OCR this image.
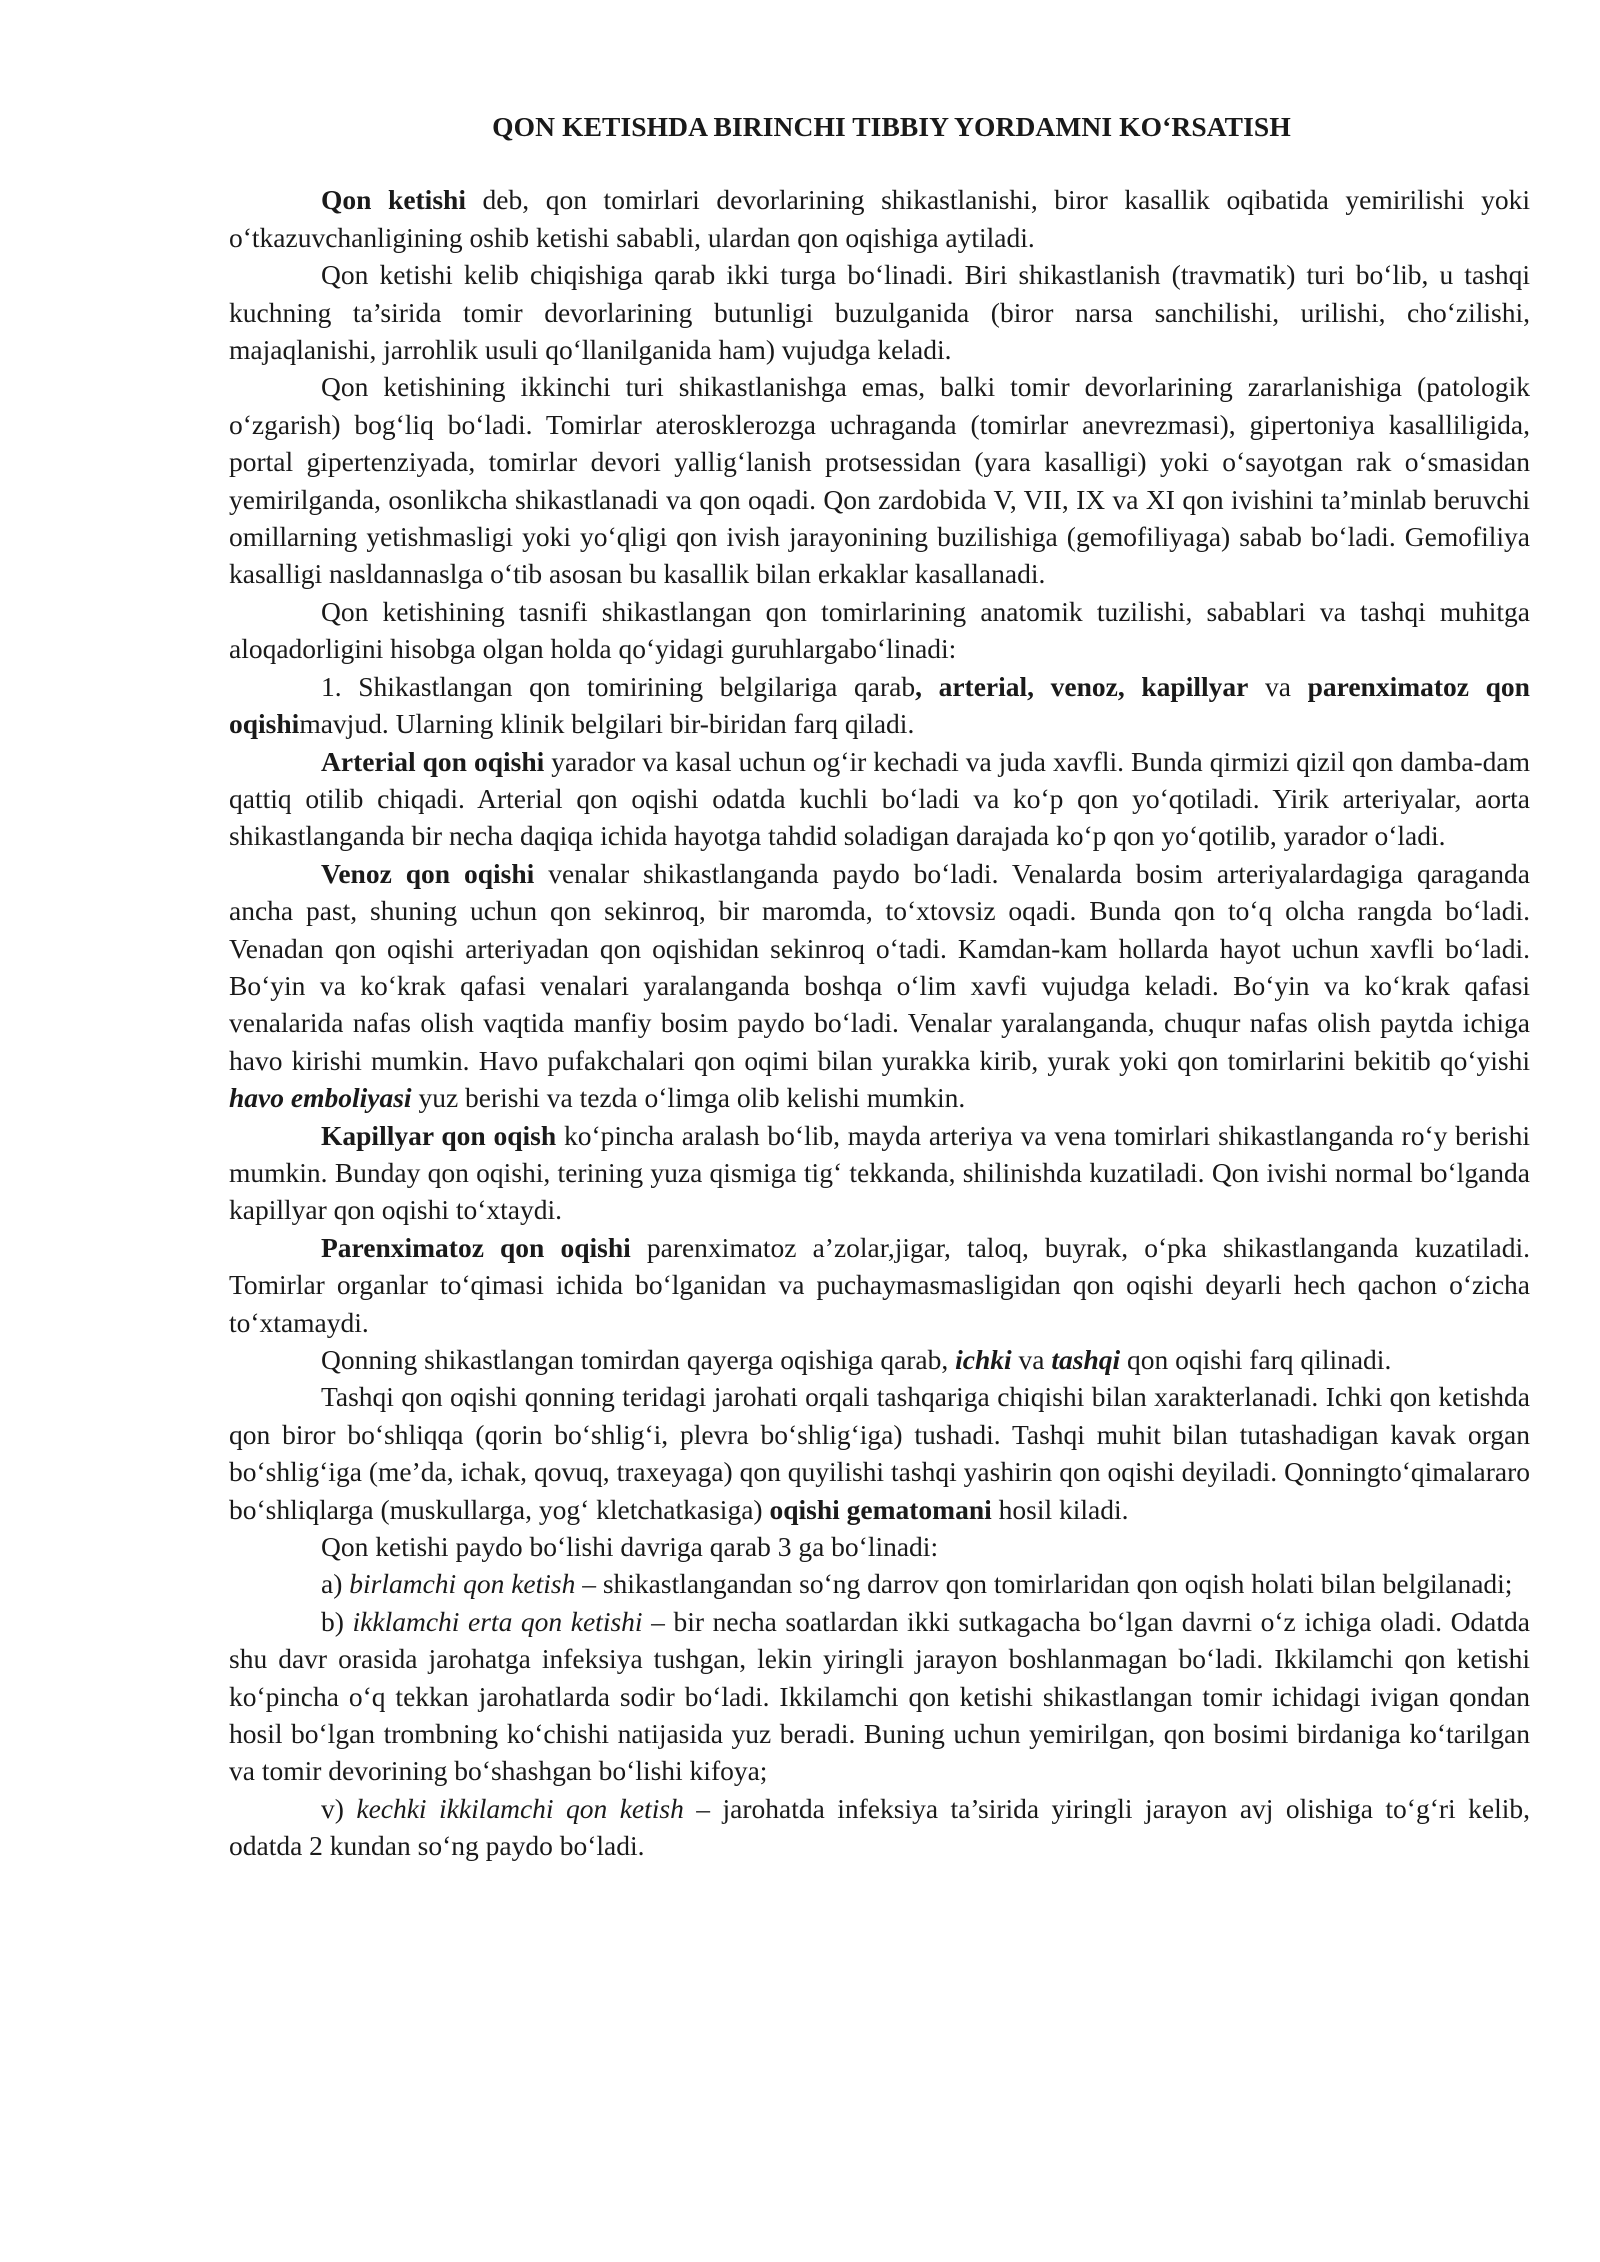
QON KETISHDA BIRINCHI TIBBIY YORDAMNI KO‘RSATISH

Qon ketishi deb, qon tomirlari devorlarining shikastlanishi, biror kasallik oqibatida yemirilishi yoki o‘tkazuvchanligining oshib ketishi sababli, ulardan qon oqishiga aytiladi.

Qon ketishi kelib chiqishiga qarab ikki turga bo‘linadi. Biri shikastlanish (travmatik) turi bo‘lib, u tashqi kuchning ta’sirida tomir devorlarining butunligi buzulganida (biror narsa sanchilishi, urilishi, cho‘zilishi, majaqlanishi, jarrohlik usuli qo‘llanilganida ham) vujudga keladi.

Qon ketishining ikkinchi turi shikastlanishga emas, balki tomir devorlarining zararlanishiga (patologik o‘zgarish) bog‘liq bo‘ladi. Tomirlar aterosklerozga uchraganda (tomirlar anevrezmasi), gipertoniya kasalliligida, portal gipertenziyada, tomirlar devori yallig‘lanish protsessidan (yara kasalligi) yoki o‘sayotgan rak o‘smasidan yemirilganda, osonlikcha shikastlanadi va qon oqadi. Qon zardobida V, VII, IX va XI qon ivishini ta’minlab beruvchi omillarning yetishmasligi yoki yo‘qligi qon ivish jarayonining buzilishiga (gemofiliyaga) sabab bo‘ladi. Gemofiliya kasalligi nasldannaslga o‘tib asosan bu kasallik bilan erkaklar kasallanadi.

Qon ketishining tasnifi shikastlangan qon tomirlarining anatomik tuzilishi, sabablari va tashqi muhitga aloqadorligini hisobga olgan holda qo‘yidagi guruhlargabo‘linadi:

1. Shikastlangan qon tomirining belgilariga qarab, arterial, venoz, kapillyar va parenximatoz qon oqishimavjud. Ularning klinik belgilari bir-biridan farq qiladi.

Arterial qon oqishi yarador va kasal uchun og‘ir kechadi va juda xavfli. Bunda qirmizi qizil qon damba-dam qattiq otilib chiqadi. Arterial qon oqishi odatda kuchli bo‘ladi va ko‘p qon yo‘qotiladi. Yirik arteriyalar, aorta shikastlanganda bir necha daqiqa ichida hayotga tahdid soladigan darajada ko‘p qon yo‘qotilib, yarador o‘ladi.

Venoz qon oqishi venalar shikastlanganda paydo bo‘ladi. Venalarda bosim arteriyalardagiga qaraganda ancha past, shuning uchun qon sekinroq, bir maromda, to‘xtovsiz oqadi. Bunda qon to‘q olcha rangda bo‘ladi. Venadan qon oqishi arteriyadan qon oqishidan sekinroq o‘tadi. Kamdan-kam hollarda hayot uchun xavfli bo‘ladi. Bo‘yin va ko‘krak qafasi venalari yaralanganda boshqa o‘lim xavfi vujudga keladi. Bo‘yin va ko‘krak qafasi venalarida nafas olish vaqtida manfiy bosim paydo bo‘ladi. Venalar yaralanganda, chuqur nafas olish paytda ichiga havo kirishi mumkin. Havo pufakchalari qon oqimi bilan yurakka kirib, yurak yoki qon tomirlarini bekitib qo‘yishi havo emboliyasi yuz berishi va tezda o‘limga olib kelishi mumkin.

Kapillyar qon oqish ko‘pincha aralash bo‘lib, mayda arteriya va vena tomirlari shikastlanganda ro‘y berishi mumkin. Bunday qon oqishi, terining yuza qismiga tig‘ tekkanda, shilinishda kuzatiladi. Qon ivishi normal bo‘lganda kapillyar qon oqishi to‘xtaydi.

Parenximatoz qon oqishi parenximatoz a’zolar,jigar, taloq, buyrak, o‘pka shikastlanganda kuzatiladi. Tomirlar organlar to‘qimasi ichida bo‘lganidan va puchaymasmasligidan qon oqishi deyarli hech qachon o‘zicha to‘xtamaydi.

Qonning shikastlangan tomirdan qayerga oqishiga qarab, ichki va tashqi qon oqishi farq qilinadi.

Tashqi qon oqishi qonning teridagi jarohati orqali tashqariga chiqishi bilan xarakterlanadi. Ichki qon ketishda qon biror bo‘shliqqa (qorin bo‘shlig‘i, plevra bo‘shlig‘iga) tushadi. Tashqi muhit bilan tutashadigan kavak organ bo‘shlig‘iga (me’da, ichak, qovuq, traxeyaga) qon quyilishi tashqi yashirin qon oqishi deyiladi. Qonningto‘qimalararo bo‘shliqlarga (muskullarga, yog‘ kletchatkasiga) oqishi gematomani hosil kiladi.

Qon ketishi paydo bo‘lishi davriga qarab 3 ga bo‘linadi:

a) birlamchi qon ketish – shikastlangandan so‘ng darrov qon tomirlaridan qon oqish holati bilan belgilanadi;

b) ikklamchi erta qon ketishi – bir necha soatlardan ikki sutkagacha bo‘lgan davrni o‘z ichiga oladi. Odatda shu davr orasida jarohatga infeksiya tushgan, lekin yiringli jarayon boshlanmagan bo‘ladi. Ikkilamchi qon ketishi ko‘pincha o‘q tekkan jarohatlarda sodir bo‘ladi. Ikkilamchi qon ketishi shikastlangan tomir ichidagi ivigan qondan hosil bo‘lgan trombning ko‘chishi natijasida yuz beradi. Buning uchun yemirilgan, qon bosimi birdaniga ko‘tarilgan va tomir devorining bo‘shashgan bo‘lishi kifoya;

v) kechki ikkilamchi qon ketish – jarohatda infeksiya ta’sirida yiringli jarayon avj olishiga to‘g‘ri kelib, odatda 2 kundan so‘ng paydo bo‘ladi.
